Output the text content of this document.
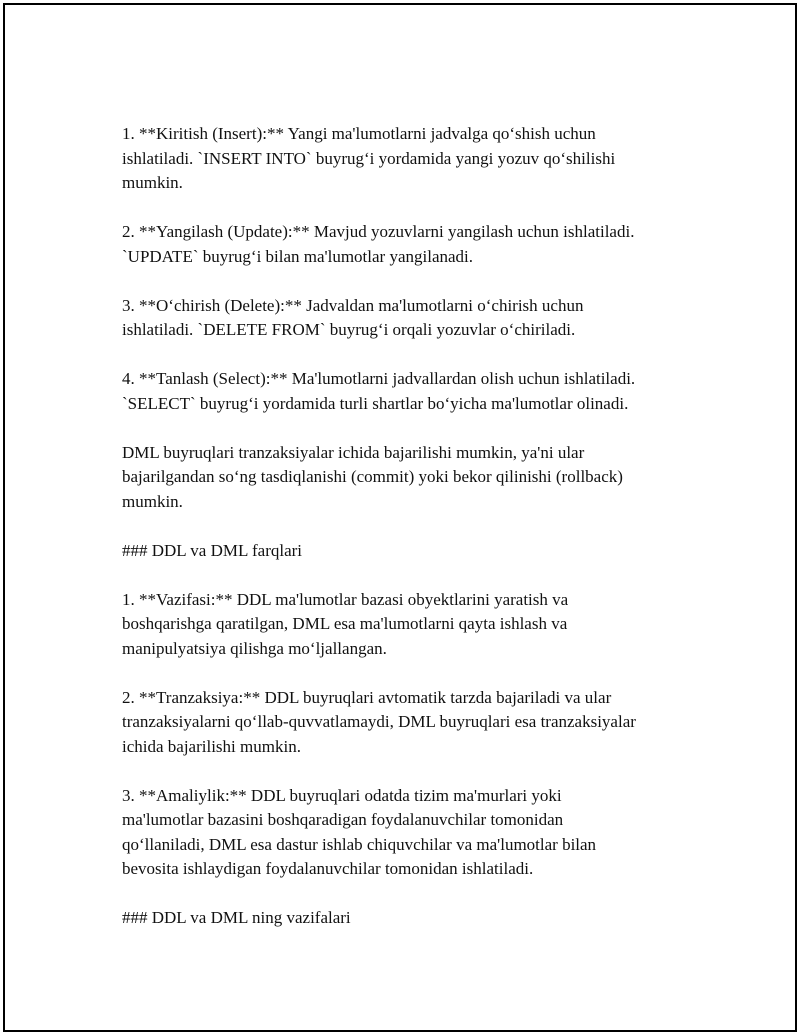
1. **Kiritish (Insert):** Yangi ma'lumotlarni jadvalga qo‘shish uchun
ishlatiladi. `INSERT INTO` buyrug‘i yordamida yangi yozuv qo‘shilishi
mumkin.

2. **Yangilash (Update):** Mavjud yozuvlarni yangilash uchun ishlatiladi.
`UPDATE` buyrug‘i bilan ma'lumotlar yangilanadi.

3. **O‘chirish (Delete):** Jadvaldan ma'lumotlarni o‘chirish uchun
ishlatiladi. `DELETE FROM` buyrug‘i orqali yozuvlar o‘chiriladi.

4. **Tanlash (Select):** Ma'lumotlarni jadvallardan olish uchun ishlatiladi.
`SELECT` buyrug‘i yordamida turli shartlar bo‘yicha ma'lumotlar olinadi.

DML buyruqlari tranzaksiyalar ichida bajarilishi mumkin, ya'ni ular
bajarilgandan so‘ng tasdiqlanishi (commit) yoki bekor qilinishi (rollback)
mumkin.

### DDL va DML farqlari

1. **Vazifasi:** DDL ma'lumotlar bazasi obyektlarini yaratish va
boshqarishga qaratilgan, DML esa ma'lumotlarni qayta ishlash va
manipulyatsiya qilishga mo‘ljallangan.

2. **Tranzaksiya:** DDL buyruqlari avtomatik tarzda bajariladi va ular
tranzaksiyalarni qo‘llab-quvvatlamaydi, DML buyruqlari esa tranzaksiyalar
ichida bajarilishi mumkin.

3. **Amaliylik:** DDL buyruqlari odatda tizim ma'murlari yoki
ma'lumotlar bazasini boshqaradigan foydalanuvchilar tomonidan
qo‘llaniladi, DML esa dastur ishlab chiquvchilar va ma'lumotlar bilan
bevosita ishlaydigan foydalanuvchilar tomonidan ishlatiladi.

### DDL va DML ning vazifalari
